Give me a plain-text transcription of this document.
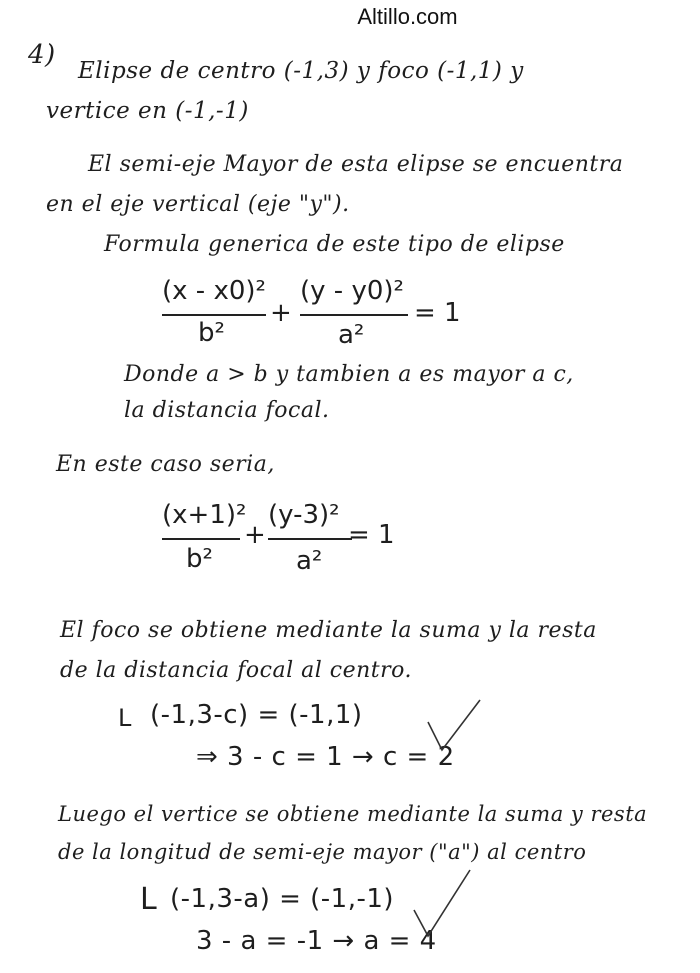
Altillo.com
4)
Elipse de centro (-1,3) y foco (-1,1) y
vertice en (-1,-1)
El semi-eje Mayor de esta elipse se encuentra
en el eje vertical (eje "y").
Formula generica de este tipo de elipse
(x - x0)²
b²
+
(y - y0)²
a²
= 1
Donde a > b y tambien a es mayor a c,
la distancia focal.
En este caso seria,
(x+1)²
b²
+
(y-3)²
a²
= 1
El foco se obtiene mediante la suma y la resta
de la distancia focal al centro.
L (-1,3-c) = (-1,1)
⇒ 3 - c = 1 → c = 2
Luego el vertice se obtiene mediante la suma y resta
de la longitud de semi-eje mayor ("a") al centro
L (-1,3-a) = (-1,-1)
3 - a = -1 → a = 4
